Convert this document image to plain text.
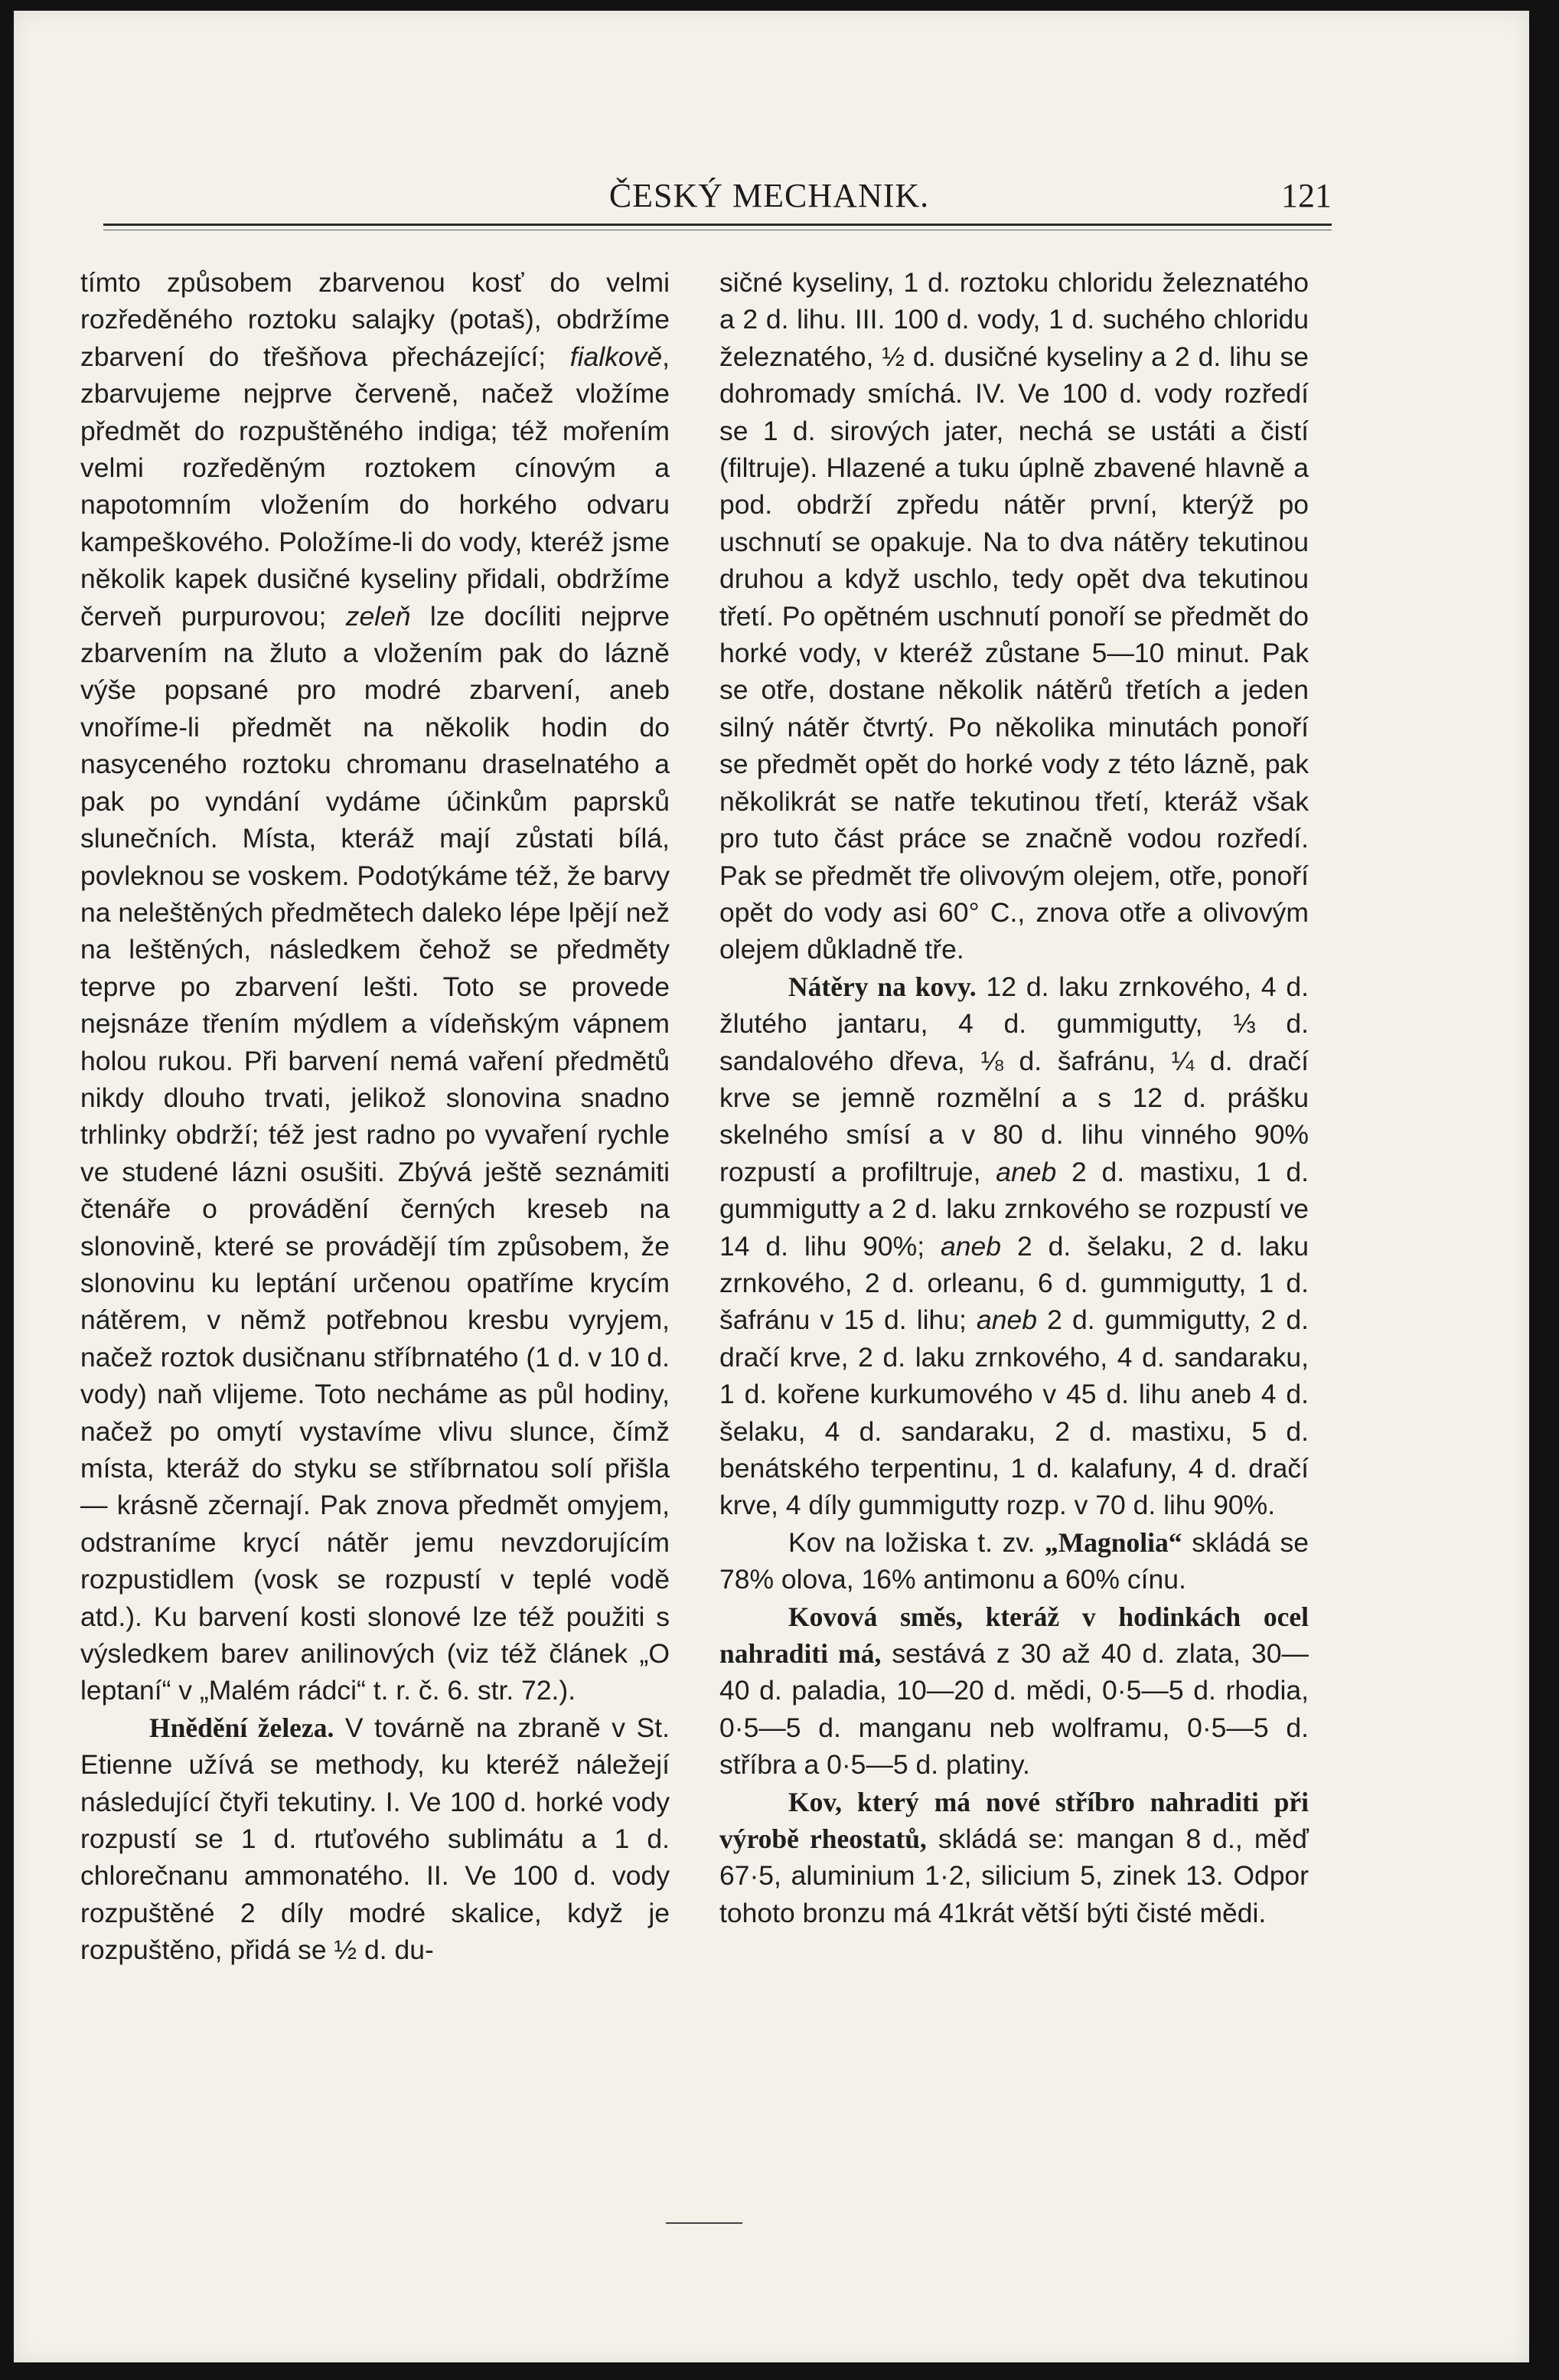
ČESKÝ MECHANIK.	121

tímto způsobem zbarvenou kosť do velmi rozředěného roztoku salajky (potaš), obdržíme zbarvení do třešňova přecházející; fialkově, zbarvujeme nejprve červeně, načež vložíme předmět do rozpuštěného indiga; též mořením velmi rozředěným roztokem cínovým a napotomním vložením do horkého odvaru kampeškového. Položíme-li do vody, kteréž jsme několik kapek dusičné kyseliny přidali, obdržíme červeň purpurovou; zeleň lze docíliti nejprve zbarvením na žluto a vložením pak do lázně výše popsané pro modré zbarvení, aneb vnoříme-li předmět na několik hodin do nasyceného roztoku chromanu draselnatého a pak po vyndání vydáme účinkům paprsků slunečních. Místa, kteráž mají zůstati bílá, povleknou se voskem. Podotýkáme též, že barvy na neleštěných předmětech daleko lépe lpějí než na leštěných, následkem čehož se předměty teprve po zbarvení lešti. Toto se provede nejsnáze třením mýdlem a vídeňským vápnem holou rukou. Při barvení nemá vaření předmětů nikdy dlouho trvati, jelikož slonovina snadno trhlinky obdrží; též jest radno po vyvaření rychle ve studené lázni osušiti. Zbývá ještě seznámiti čtenáře o provádění černých kreseb na slonovině, které se provádějí tím způsobem, že slonovinu ku leptání určenou opatříme krycím nátěrem, v němž potřebnou kresbu vyryjem, načež roztok dusičnanu stříbrnatého (1 d. v 10 d. vody) naň vlijeme. Toto necháme as půl hodiny, načež po omytí vystavíme vlivu slunce, čímž místa, kteráž do styku se stříbrnatou solí přišla — krásně zčernají. Pak znova předmět omyjem, odstraníme krycí nátěr jemu nevzdorujícím rozpustidlem (vosk se rozpustí v teplé vodě atd.). Ku barvení kosti slonové lze též použiti s výsledkem barev anilinových (viz též článek „O leptaní“ v „Malém rádci“ t. r. č. 6. str. 72.).

Hnědění železa. V továrně na zbraně v St. Etienne užívá se methody, ku kteréž náležejí následující čtyři tekutiny. I. Ve 100 d. horké vody rozpustí se 1 d. rtuťového sublimátu a 1 d. chlorečnanu ammonatého. II. Ve 100 d. vody rozpuštěné 2 díly modré skalice, když je rozpuštěno, přidá se ½ d. du-

sičné kyseliny, 1 d. roztoku chloridu železnatého a 2 d. lihu. III. 100 d. vody, 1 d. suchého chloridu železnatého, ½ d. dusičné kyseliny a 2 d. lihu se dohromady smíchá. IV. Ve 100 d. vody rozředí se 1 d. sirových jater, nechá se ustáti a čistí (filtruje). Hlazené a tuku úplně zbavené hlavně a pod. obdrží zpředu nátěr první, kterýž po uschnutí se opakuje. Na to dva nátěry tekutinou druhou a když uschlo, tedy opět dva tekutinou třetí. Po opětném uschnutí ponoří se předmět do horké vody, v kteréž zůstane 5—10 minut. Pak se otře, dostane několik nátěrů třetích a jeden silný nátěr čtvrtý. Po několika minutách ponoří se předmět opět do horké vody z této lázně, pak několikrát se natře tekutinou třetí, kteráž však pro tuto část práce se značně vodou rozředí. Pak se předmět tře olivovým olejem, otře, ponoří opět do vody asi 60° C., znova otře a olivovým olejem důkladně tře.

Nátěry na kovy. 12 d. laku zrnkového, 4 d. žlutého jantaru, 4 d. gummigutty, ⅓ d. sandalového dřeva, ⅛ d. šafránu, ¼ d. dračí krve se jemně rozmělní a s 12 d. prášku skelného smísí a v 80 d. lihu vinného 90% rozpustí a profiltruje, aneb 2 d. mastixu, 1 d. gummigutty a 2 d. laku zrnkového se rozpustí ve 14 d. lihu 90%; aneb 2 d. šelaku, 2 d. laku zrnkového, 2 d. orleanu, 6 d. gummigutty, 1 d. šafránu v 15 d. lihu; aneb 2 d. gummigutty, 2 d. dračí krve, 2 d. laku zrnkového, 4 d. sandaraku, 1 d. kořene kurkumového v 45 d. lihu aneb 4 d. šelaku, 4 d. sandaraku, 2 d. mastixu, 5 d. benátského terpentinu, 1 d. kalafuny, 4 d. dračí krve, 4 díly gummigutty rozp. v 70 d. lihu 90%.

Kov na ložiska t. zv. „Magnolia“ skládá se 78% olova, 16% antimonu a 60% cínu.

Kovová směs, kteráž v hodinkách ocel nahraditi má, sestává z 30 až 40 d. zlata, 30—40 d. paladia, 10—20 d. mědi, 0·5—5 d. rhodia, 0·5—5 d. manganu neb wolframu, 0·5—5 d. stříbra a 0·5—5 d. platiny.

Kov, který má nové stříbro nahraditi při výrobě rheostatů, skládá se: mangan 8 d., měď 67·5, aluminium 1·2, silicium 5, zinek 13. Odpor tohoto bronzu má 41krát větší býti čisté mědi.
